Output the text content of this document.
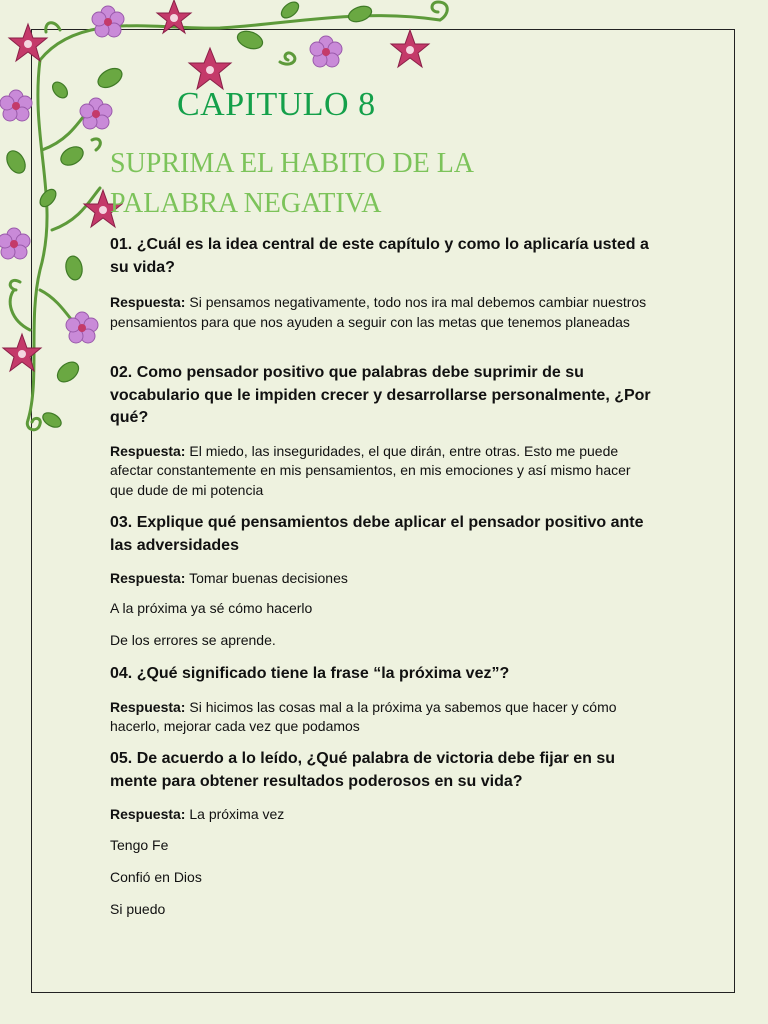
CAPITULO 8
SUPRIMA EL HABITO DE LA PALABRA NEGATIVA

01. ¿Cuál es la idea central de este capítulo y como lo aplicaría usted a su vida?

Respuesta: Si pensamos negativamente, todo nos ira mal debemos cambiar nuestros pensamientos para que nos ayuden a seguir con las metas que tenemos planeadas

02. Como pensador positivo que palabras debe suprimir de su vocabulario que le impiden crecer y desarrollarse personalmente, ¿Por qué?

Respuesta: El miedo, las inseguridades, el que dirán, entre otras. Esto me puede afectar constantemente en mis pensamientos, en mis emociones y así mismo hacer que dude de mi potencia

03. Explique qué pensamientos debe aplicar el pensador positivo ante las adversidades

Respuesta: Tomar buenas decisiones

A la próxima ya sé cómo hacerlo

De los errores se aprende.

04. ¿Qué significado tiene la frase “la próxima vez”?

Respuesta: Si hicimos las cosas mal a la próxima ya sabemos que hacer y cómo hacerlo, mejorar cada vez que podamos

05. De acuerdo a lo leído, ¿Qué palabra de victoria debe fijar en su mente para obtener resultados poderosos en su vida?

Respuesta: La próxima vez

Tengo Fe

Confió en Dios

Si puedo
